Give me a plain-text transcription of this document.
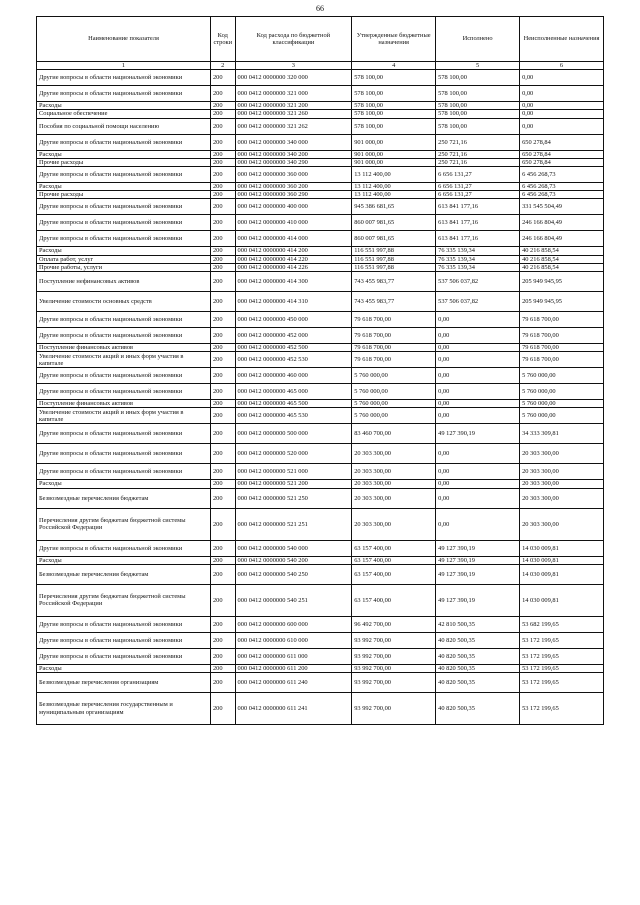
66
Наименование показателя	Код строки	Код расхода по бюджетной классификации	Утвержденные бюджетные назначения	Исполнено	Неисполненные назначения
1	2	3	4	5	6
Другие вопросы в области национальной экономики	200	000 0412 0000000 320 000	578 100,00	578 100,00	0,00
Другие вопросы в области национальной экономики	200	000 0412 0000000 321 000	578 100,00	578 100,00	0,00
Расходы	200	000 0412 0000000 321 200	578 100,00	578 100,00	0,00
Социальное обеспечение	200	000 0412 0000000 321 260	578 100,00	578 100,00	0,00
Пособия по социальной помощи населению	200	000 0412 0000000 321 262	578 100,00	578 100,00	0,00
Другие вопросы в области национальной экономики	200	000 0412 0000000 340 000	901 000,00	250 721,16	650 278,84
Расходы	200	000 0412 0000000 340 200	901 000,00	250 721,16	650 278,84
Прочие расходы	200	000 0412 0000000 340 290	901 000,00	250 721,16	650 278,84
Другие вопросы в области национальной экономики	200	000 0412 0000000 360 000	13 112 400,00	6 656 131,27	6 456 268,73
Расходы	200	000 0412 0000000 360 200	13 112 400,00	6 656 131,27	6 456 268,73
Прочие расходы	200	000 0412 0000000 360 290	13 112 400,00	6 656 131,27	6 456 268,73
Другие вопросы в области национальной экономики	200	000 0412 0000000 400 000	945 386 681,65	613 841 177,16	331 545 504,49
Другие вопросы в области национальной экономики	200	000 0412 0000000 410 000	860 007 981,65	613 841 177,16	246 166 804,49
Другие вопросы в области национальной экономики	200	000 0412 0000000 414 000	860 007 981,65	613 841 177,16	246 166 804,49
Расходы	200	000 0412 0000000 414 200	116 551 997,88	76 335 139,34	40 216 858,54
Оплата работ, услуг	200	000 0412 0000000 414 220	116 551 997,88	76 335 139,34	40 216 858,54
Прочие работы, услуги	200	000 0412 0000000 414 226	116 551 997,88	76 335 139,34	40 216 858,54
Поступление нефинансовых активов	200	000 0412 0000000 414 300	743 455 983,77	537 506 037,82	205 949 945,95
Увеличение стоимости основных средств	200	000 0412 0000000 414 310	743 455 983,77	537 506 037,82	205 949 945,95
Другие вопросы в области национальной экономики	200	000 0412 0000000 450 000	79 618 700,00	0,00	79 618 700,00
Другие вопросы в области национальной экономики	200	000 0412 0000000 452 000	79 618 700,00	0,00	79 618 700,00
Поступление финансовых активов	200	000 0412 0000000 452 500	79 618 700,00	0,00	79 618 700,00
Увеличение стоимости акций и иных форм участия в капитале	200	000 0412 0000000 452 530	79 618 700,00	0,00	79 618 700,00
Другие вопросы в области национальной экономики	200	000 0412 0000000 460 000	5 760 000,00	0,00	5 760 000,00
Другие вопросы в области национальной экономики	200	000 0412 0000000 465 000	5 760 000,00	0,00	5 760 000,00
Поступление финансовых активов	200	000 0412 0000000 465 500	5 760 000,00	0,00	5 760 000,00
Увеличение стоимости акций и иных форм участия в капитале	200	000 0412 0000000 465 530	5 760 000,00	0,00	5 760 000,00
Другие вопросы в области национальной экономики	200	000 0412 0000000 500 000	83 460 700,00	49 127 390,19	34 333 309,81
Другие вопросы в области национальной экономики	200	000 0412 0000000 520 000	20 303 300,00	0,00	20 303 300,00
Другие вопросы в области национальной экономики	200	000 0412 0000000 521 000	20 303 300,00	0,00	20 303 300,00
Расходы	200	000 0412 0000000 521 200	20 303 300,00	0,00	20 303 300,00
Безвозмездные перечисления бюджетам	200	000 0412 0000000 521 250	20 303 300,00	0,00	20 303 300,00
Перечисления другим бюджетам бюджетной системы Российской Федерации	200	000 0412 0000000 521 251	20 303 300,00	0,00	20 303 300,00
Другие вопросы в области национальной экономики	200	000 0412 0000000 540 000	63 157 400,00	49 127 390,19	14 030 009,81
Расходы	200	000 0412 0000000 540 200	63 157 400,00	49 127 390,19	14 030 009,81
Безвозмездные перечисления бюджетам	200	000 0412 0000000 540 250	63 157 400,00	49 127 390,19	14 030 009,81
Перечисления другим бюджетам бюджетной системы Российской Федерации	200	000 0412 0000000 540 251	63 157 400,00	49 127 390,19	14 030 009,81
Другие вопросы в области национальной экономики	200	000 0412 0000000 600 000	96 492 700,00	42 810 500,35	53 682 199,65
Другие вопросы в области национальной экономики	200	000 0412 0000000 610 000	93 992 700,00	40 820 500,35	53 172 199,65
Другие вопросы в области национальной экономики	200	000 0412 0000000 611 000	93 992 700,00	40 820 500,35	53 172 199,65
Расходы	200	000 0412 0000000 611 200	93 992 700,00	40 820 500,35	53 172 199,65
Безвозмездные перечисления организациям	200	000 0412 0000000 611 240	93 992 700,00	40 820 500,35	53 172 199,65
Безвозмездные перечисления государственным и муниципальным организациям	200	000 0412 0000000 611 241	93 992 700,00	40 820 500,35	53 172 199,65
